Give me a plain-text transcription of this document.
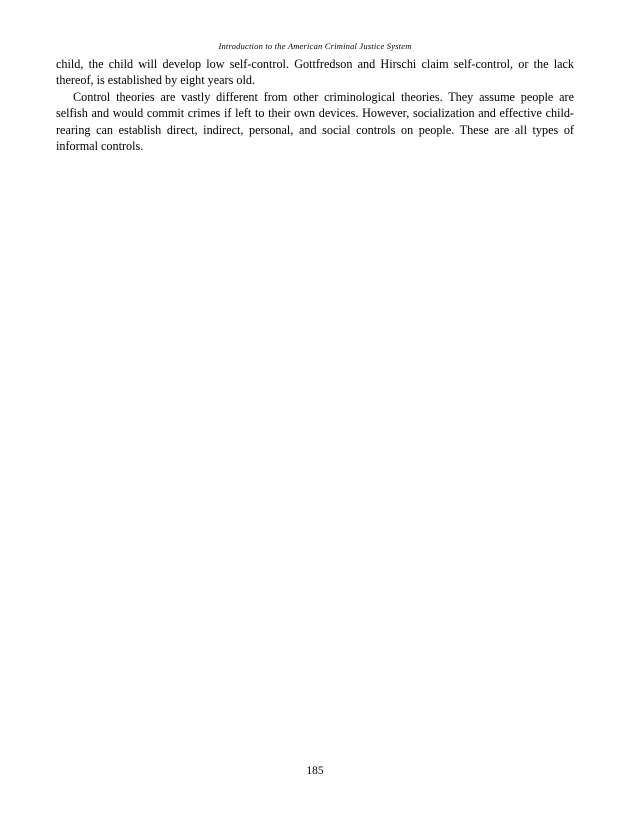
Introduction to the American Criminal Justice System

child, the child will develop low self-control. Gottfredson and Hirschi claim self-control, or the lack thereof, is established by eight years old.

Control theories are vastly different from other criminological theories. They assume people are selfish and would commit crimes if left to their own devices. However, socialization and effective child-rearing can establish direct, indirect, personal, and social controls on people. These are all types of informal controls.

185
